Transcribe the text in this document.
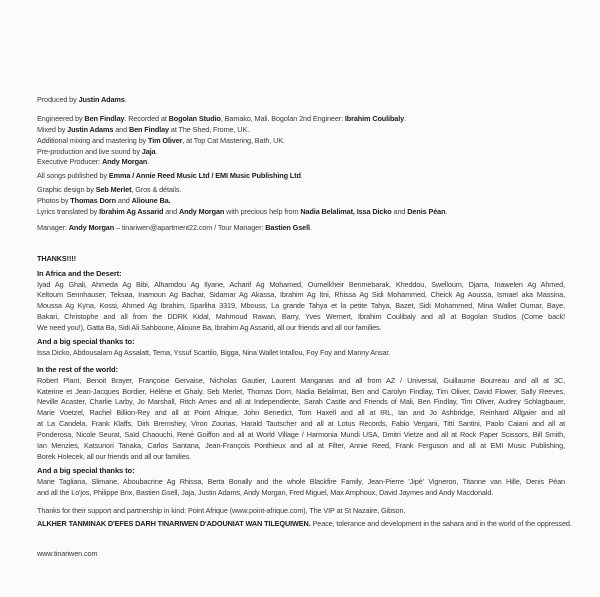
Produced by Justin Adams.
Engineered by Ben Findlay. Recorded at Bogolan Studio, Bamako, Mali. Bogolan 2nd Engineer: Ibrahim Coulibaly.
Mixed by Justin Adams and Ben Findlay at The Shed, Frome, UK.
Additional mixing and mastering by Tim Oliver, at Top Cat Mastering, Bath, UK.
Pre-production and live sound by Jaja.
Executive Producer: Andy Morgan.
All songs published by Emma / Annie Reed Music Ltd / EMI Music Publishing Ltd.
Graphic design by Seb Merlet, Gros & détails.
Photos by Thomas Dorn and Alioune Ba.
Lyrics translated by Ibrahim Ag Assarid and Andy Morgan with precious help from Nadia Belalimat, Issa Dicko and Denis Péan.
Manager: Andy Morgan – tinariwen@apartment22.com / Tour Manager: Bastien Gsell.
THANKS!!!!
In Africa and the Desert:
Iyad Ag Ghali, Ahmeda Ag Bibi, Alhamdou Ag Ilyane, Acharif Ag Mohamed, Oumelkheir Benmebarak, Kheddou, Swelloum, Djarra, Inawelen Ag Ahmed,
Keltoum Sennhauser, Teksaa, Inamoun Ag Bachar, Sidamar Ag Akassa, Ibrahim Ag Itni, Rhissa Ag Sidi Mohammed, Cheick Ag Aoussa, Ismael aka Massina,
Moussa Ag Kyna, Kossi, Ahmed Ag Ibrahim, Sparliha 3319, Mbouss, La grande Tahya et la petite Tahya, Bazet, Sidi Mohammed, Mina Wallet Oumar, Baye,
Bakari, Christophe and all from the DDRK Kidal, Mahmoud Rawari, Barry, Yves Wernert, Ibrahim Coulibaly and all at Bogolan Studios (Come back!
We need you!), Gatta Ba, Sidi Ali Sahboune, Alioune Ba, Ibrahim Ag Assarid, all our friends and all our families.
And a big special thanks to:
Issa Dicko, Abdousalam Ag Assalatt, Tema, Yssuf Scartilo, Bigga, Nina Wallet Intallou, Foy Foy and Manny Ansar.
In the rest of the world:
Robert Plant, Benoit Brayer, Françoise Gervaise, Nicholas Gautier, Laurent Manganas and all from AZ / Universal, Guillaume Bourreau and all at 3C,
Katerine et Jean-Jacques Bordier, Hélène et Ghaly, Seb Merlet, Thomas Dorn, Nadia Belalimat, Ben and Carolyn Findlay, Tim Oliver, David Flower, Sally Reeves,
Neville Acaster, Charlie Larby, Jo Marshall, Ritch Ames and all at Independiente, Sarah Castle and Friends of Mali, Ben Findlay, Tim Oliver, Audrey Schlagbauer,
Marie Voetzel, Rachel Billion-Rey and all at Point Afrique, John Benedict, Tom Haxell and all at IRL, Ian and Jo Ashbridge, Reinhard Allgaier and all
at La Candela, Frank Klaffs, Dirk Bremshey, Viron Zourias, Harald Tautscher and all at Lotus Records, Fabio Vergani, Titti Santini, Paolo Caiani and all at
Ponderosa, Nicole Seurat, Saïd Chaouchi, René Goiffon and all at World Village / Harmonia Mundi USA, Dmitri Vietze and all at Rock Paper Scissors, Bill Smith,
Ian Menzies, Katsunori Tanaka, Carlos Santana, Jean-François Ponthieux and all at Filter, Annie Reed, Frank Ferguson and all at EMI Music Publishing,
Borek Holecek, all our friends and all our families.
And a big special thanks to:
Marie Tagliana, Slimane, Aboubacrine Ag Rhissa, Berta Bonally and the whole Blackfire Family, Jean-Pierre 'Jipé' Vigneron, Titanne van Hille, Denis Péan
and all the Lo'jos, Philippe Brix, Bastien Gsell, Jaja, Justin Adams, Andy Morgan, Fred Miguel, Max Amphoux, David Jaymes and Andy Macdonald.
Thanks for their support and partnership in kind: Point Afrique (www.point-afrique.com), The VIP at St Nazaire, Gibson.
ALKHER TANMINAK D'EFES DARH TINARIWEN D'ADOUNIAT WAN TILEQUIWEN. Peace, tolerance and development in the sahara and in the world of the oppressed.
www.tinariwen.com
